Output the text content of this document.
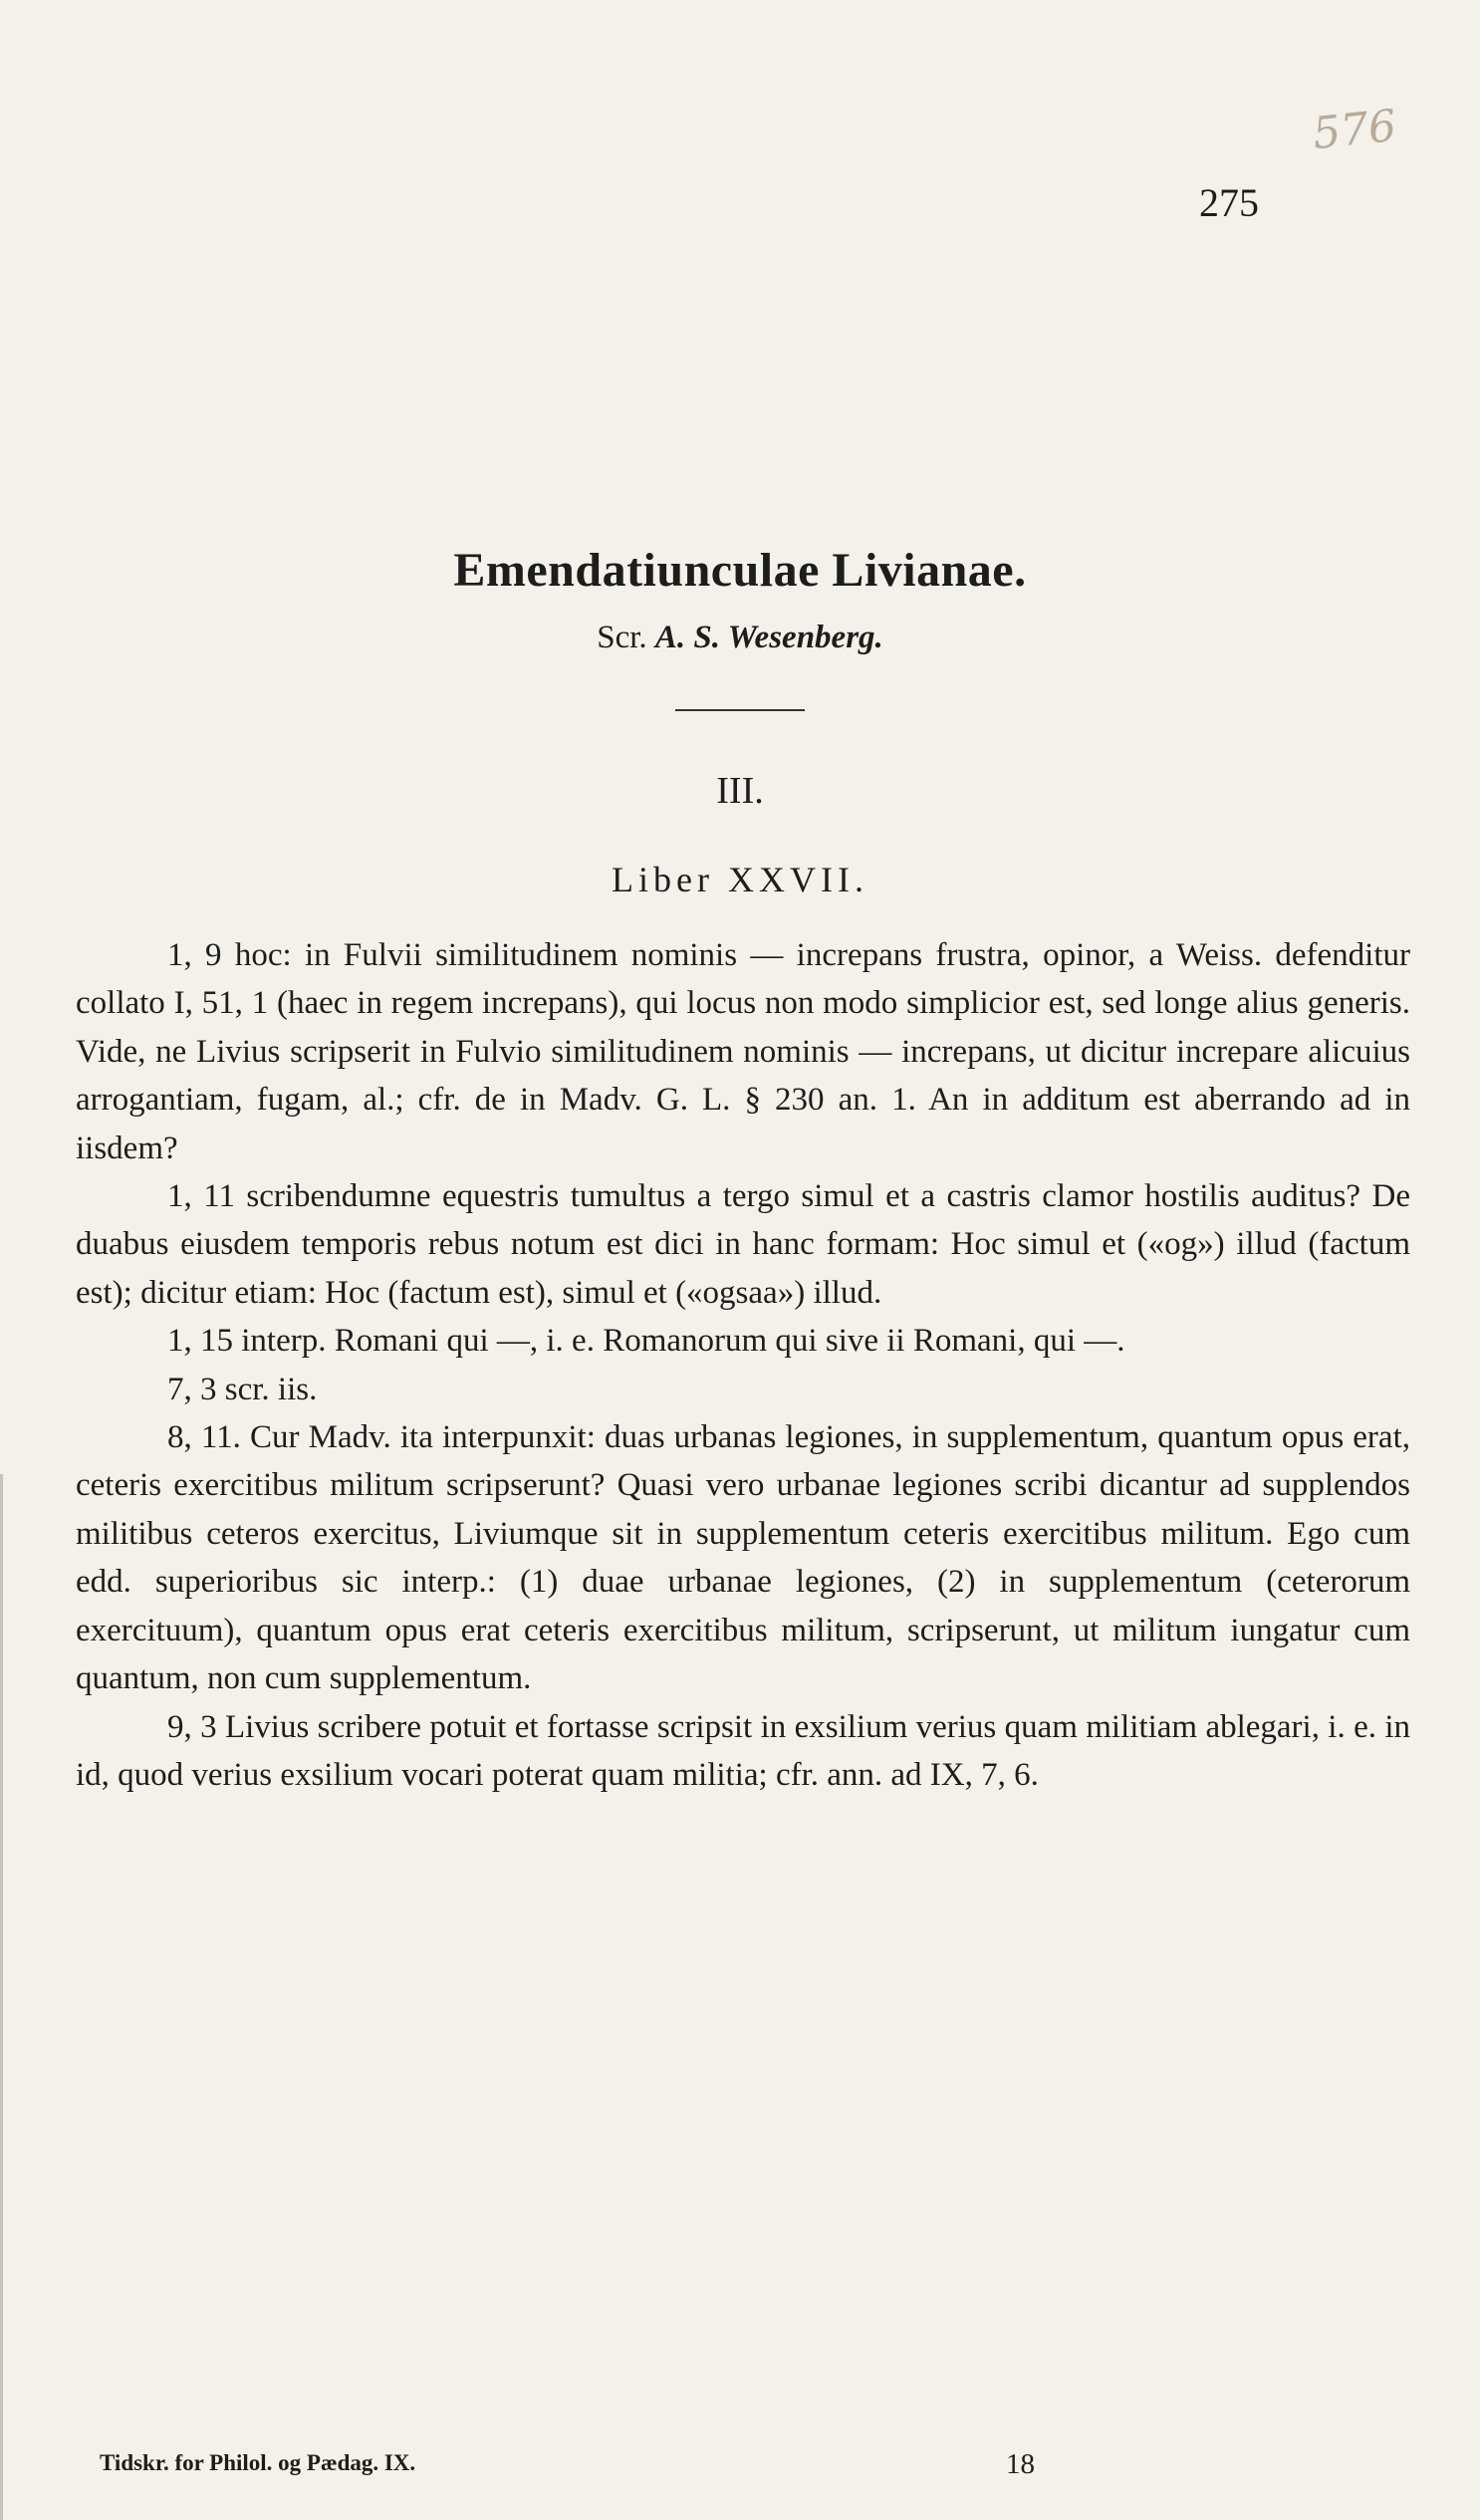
576
275
Emendatiunculae Livianae.
Scr. A. S. Wesenberg.
III.
Liber XXVII.

1, 9 hoc: in Fulvii similitudinem nominis — increpans frustra, opinor, a Weiss. defenditur collato I, 51, 1 (haec in regem increpans), qui locus non modo simplicior est, sed longe alius generis. Vide, ne Livius scripserit in Fulvio similitudinem nominis — increpans, ut dicitur increpare alicuius arrogantiam, fugam, al.; cfr. de in Madv. G. L. § 230 an. 1. An in additum est aberrando ad in iisdem?

1, 11 scribendumne equestris tumultus a tergo simul et a castris clamor hostilis auditus? De duabus eiusdem temporis rebus notum est dici in hanc formam: Hoc simul et («og») illud (factum est); dicitur etiam: Hoc (factum est), simul et («ogsaa») illud.

1, 15 interp. Romani qui —, i. e. Romanorum qui sive ii Romani, qui —.

7, 3 scr. iis.

8, 11. Cur Madv. ita interpunxit: duas urbanas legiones, in supplementum, quantum opus erat, ceteris exercitibus militum scripserunt? Quasi vero urbanae legiones scribi dicantur ad supplendos militibus ceteros exercitus, Liviumque sit in supplementum ceteris exercitibus militum. Ego cum edd. superioribus sic interp.: (1) duae urbanae legiones, (2) in supplementum (ceterorum exercituum), quantum opus erat ceteris exercitibus militum, scripserunt, ut militum iungatur cum quantum, non cum supplementum.

9, 3 Livius scribere potuit et fortasse scripsit in exsilium verius quam militiam ablegari, i. e. in id, quod verius exsilium vocari poterat quam militia; cfr. ann. ad IX, 7, 6.

Tidskr. for Philol. og Pædag. IX.	18
